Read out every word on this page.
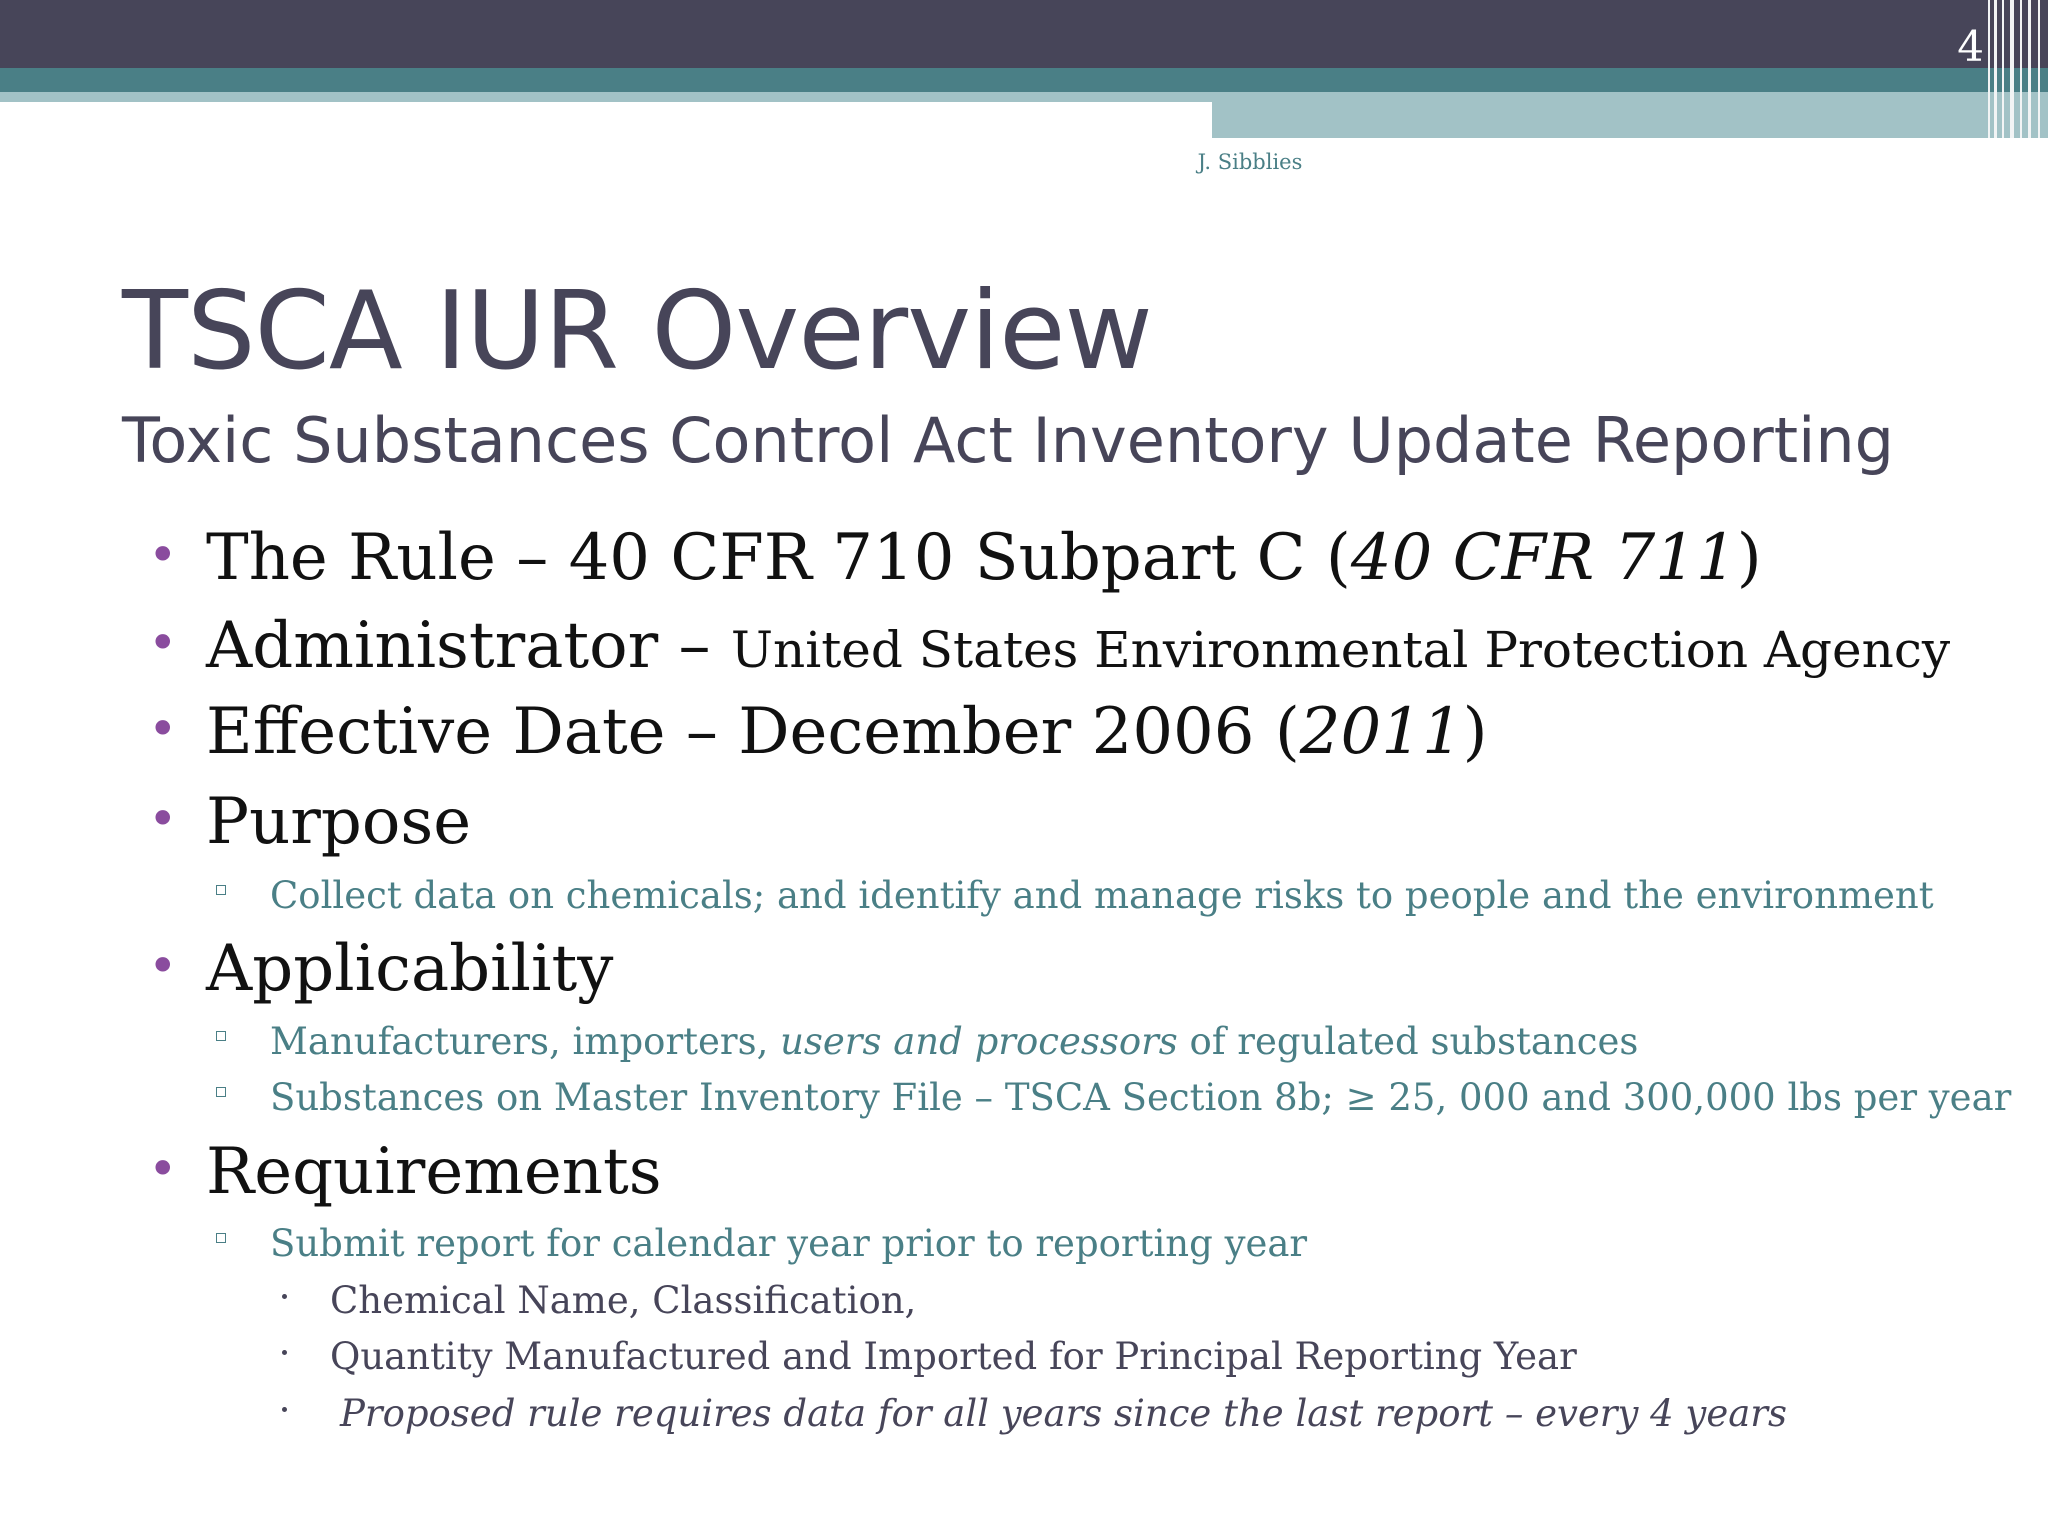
4
J. Sibblies
TSCA IUR Overview
Toxic Substances Control Act Inventory Update Reporting
• The Rule – 40 CFR 710 Subpart C (40 CFR 711)
• Administrator – United States Environmental Protection Agency
• Effective Date – December 2006 (2011)
• Purpose
Collect data on chemicals; and identify and manage risks to people and the environment
• Applicability
Manufacturers, importers, users and processors of regulated substances
Substances on Master Inventory File – TSCA Section 8b; ≥ 25, 000 and 300,000 lbs per year
• Requirements
Submit report for calendar year prior to reporting year
Chemical Name, Classification,
Quantity Manufactured and Imported for Principal Reporting Year
Proposed rule requires data for all years since the last report – every 4 years
